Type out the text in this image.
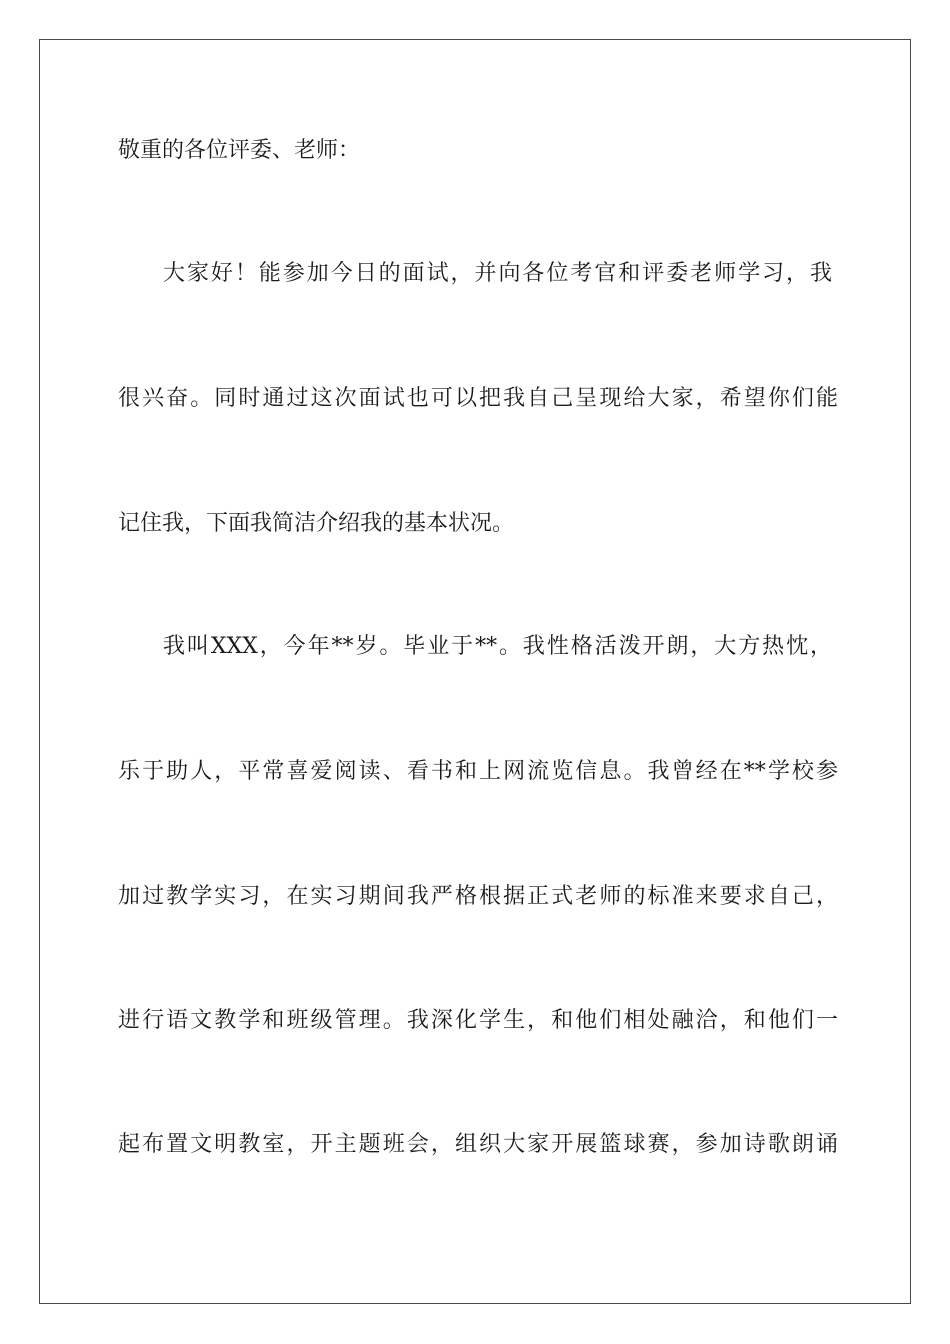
敬重的各位评委、老师：

大家好！能参加今日的面试，并向各位考官和评委老师学习，我

很兴奋。同时通过这次面试也可以把我自己呈现给大家，希望你们能

记住我，下面我简洁介绍我的基本状况。

我叫XXX，今年**岁。毕业于**。我性格活泼开朗，大方热忱，

乐于助人，平常喜爱阅读、看书和上网流览信息。我曾经在**学校参

加过教学实习，在实习期间我严格根据正式老师的标准来要求自己，

进行语文教学和班级管理。我深化学生，和他们相处融洽，和他们一

起布置文明教室，开主题班会，组织大家开展篮球赛，参加诗歌朗诵
